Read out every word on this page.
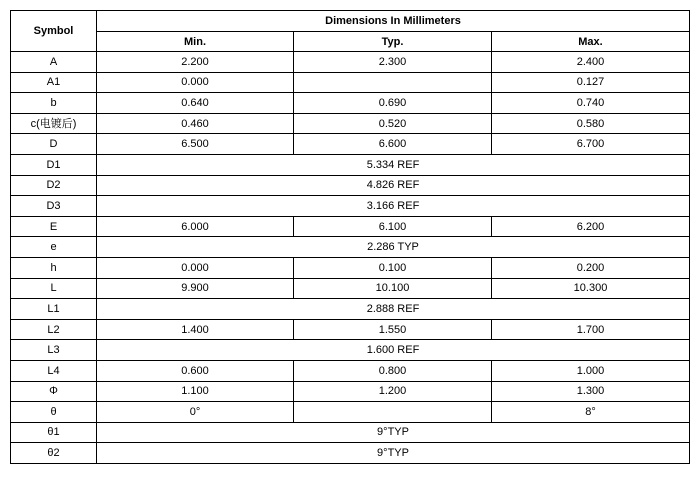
Symbol	Dimensions In Millimeters		
	Min.	Typ.	Max.
A	2.200	2.300	2.400
A1	0.000		0.127
b	0.640	0.690	0.740
c(电镀后)	0.460	0.520	0.580
D	6.500	6.600	6.700
D1	5.334 REF		
D2	4.826 REF		
D3	3.166 REF		
E	6.000	6.100	6.200
e	2.286 TYP		
h	0.000	0.100	0.200
L	9.900	10.100	10.300
L1	2.888 REF		
L2	1.400	1.550	1.700
L3	1.600 REF		
L4	0.600	0.800	1.000
Φ	1.100	1.200	1.300
θ	0°		8°
θ1	9°TYP		
θ2	9°TYP		
